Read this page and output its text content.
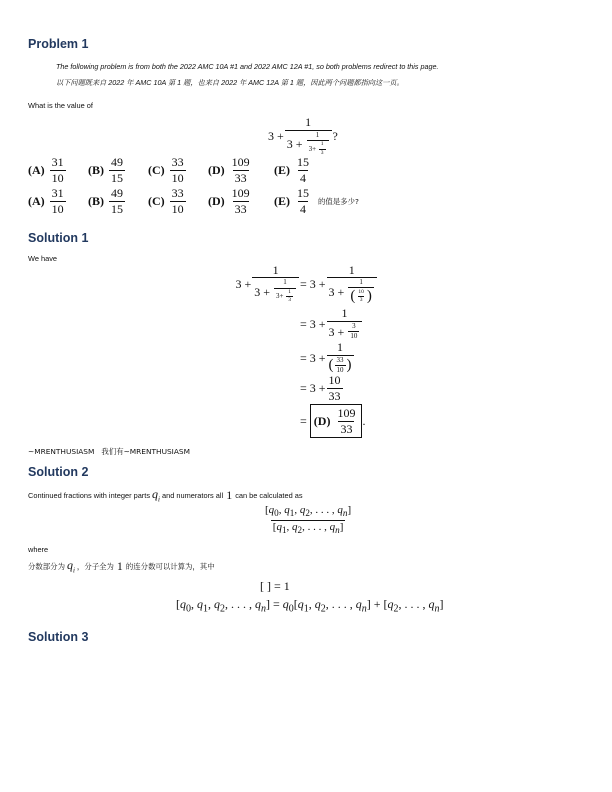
Problem 1
The following problem is from both the 2022 AMC 10A #1 and 2022 AMC 12A #1, so both problems redirect to this page.
以下问题既来自 2022 年 AMC 10A 第 1 题，也来自 2022 年 AMC 12A 第 1 题，因此两个问题都指向这一页。
What is the value of
3 + 1
3 +
1
3+
1
3 ?
(A)
31
10
(B)
49
15
(C)
33
10
(D)
109
33
(E)
15
4
(A)
31
10
(B)
49
15
(C)
33
10
(D)
109
33
(E)
15
4
的值是多少?
Solution 1
We have
3 + 1
3 +
1
3+
1
3 = 3 + 1
3 +
1
( 10
3 )
= 3 + 1
3 + 3
10
= 3 + 1
( 33
10 )
= $3 + \frac{10}{33}$
= (D)
109
33
.
~MRENTHUSIASM   我们有~MRENTHUSIASM
Solution 2
Continued fractions with integer parts $q_i$ and numerators all 1 can be calculated as
$\frac{[q_0, q_1, q_2, . . . , q_n]}{[q_1, q_2, . . . , q_n]}$
where
分数部分为 $q_i$ ，分子全为 1 的连分数可以计算为，其中
[ ] = 1
[$q_0$, $q_1$, $q_2$, . . . , $q_n] = q_0[q_1$, $q_2$, . . . , $q_n] + [q_2$, . . . , $q_n$]
Solution 3
